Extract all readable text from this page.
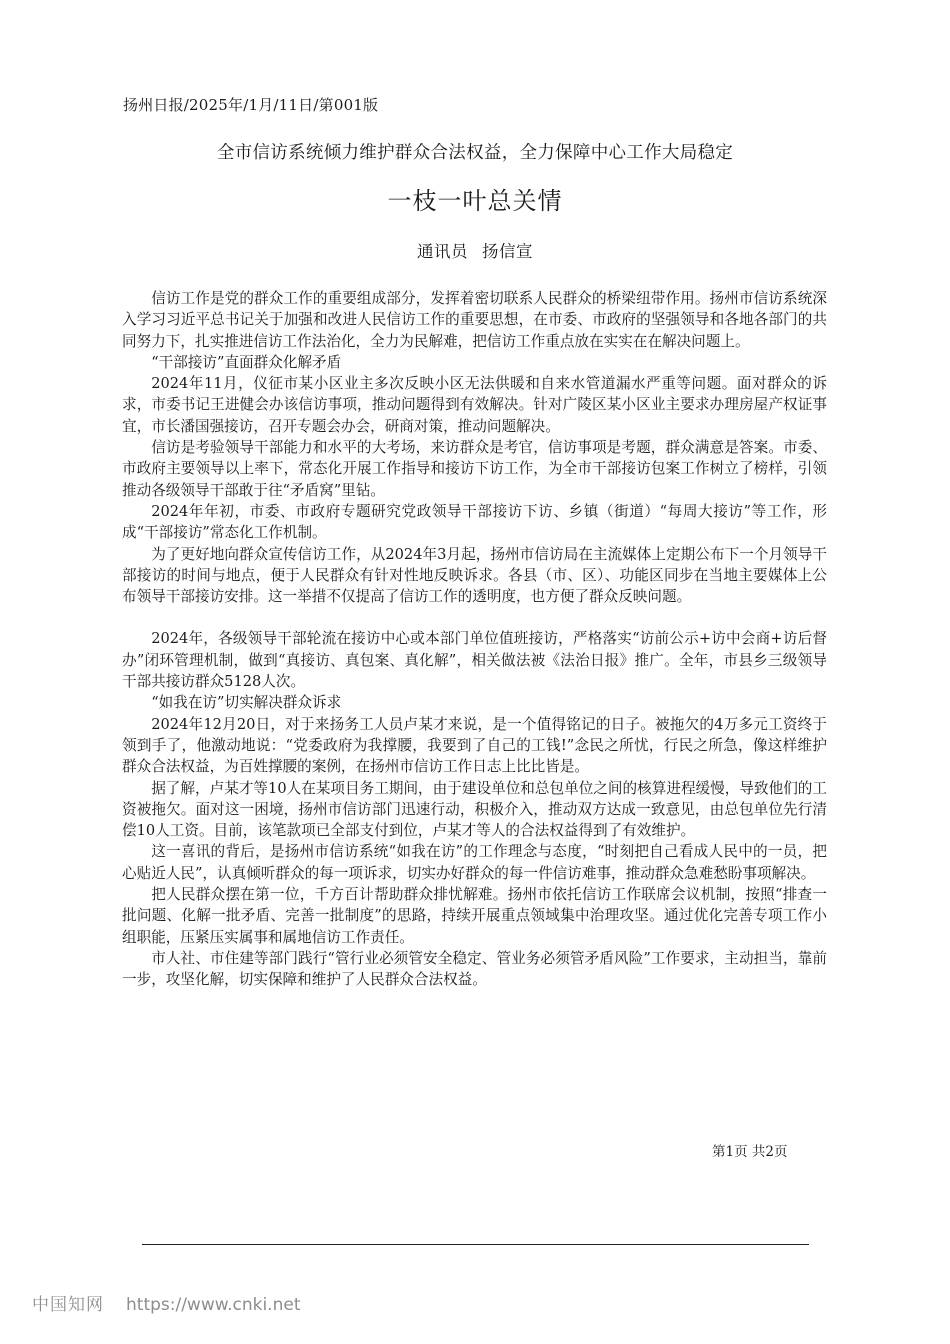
扬州日报/2025年/1月/11日/第001版
全市信访系统倾力维护群众合法权益，全力保障中心工作大局稳定
一枝一叶总关情
通讯员 扬信宣

信访工作是党的群众工作的重要组成部分，发挥着密切联系人民群众的桥梁纽带作用。扬州市信访系统深入学习习近平总书记关于加强和改进人民信访工作的重要思想，在市委、市政府的坚强领导和各地各部门的共同努力下，扎实推进信访工作法治化，全力为民解难，把信访工作重点放在实实在在解决问题上。

“干部接访”直面群众化解矛盾

2024年11月，仪征市某小区业主多次反映小区无法供暖和自来水管道漏水严重等问题。面对群众的诉求，市委书记王进健会办该信访事项，推动问题得到有效解决。针对广陵区某小区业主要求办理房屋产权证事宜，市长潘国强接访，召开专题会办会，研商对策，推动问题解决。

信访是考验领导干部能力和水平的大考场，来访群众是考官，信访事项是考题，群众满意是答案。市委、市政府主要领导以上率下，常态化开展工作指导和接访下访工作，为全市干部接访包案工作树立了榜样，引领推动各级领导干部敢于往“矛盾窝”里钻。

2024年年初，市委、市政府专题研究党政领导干部接访下访、乡镇（街道）“每周大接访”等工作，形成“干部接访”常态化工作机制。

为了更好地向群众宣传信访工作，从2024年3月起，扬州市信访局在主流媒体上定期公布下一个月领导干部接访的时间与地点，便于人民群众有针对性地反映诉求。各县（市、区）、功能区同步在当地主要媒体上公布领导干部接访安排。这一举措不仅提高了信访工作的透明度，也方便了群众反映问题。

2024年，各级领导干部轮流在接访中心或本部门单位值班接访，严格落实“访前公示+访中会商+访后督办”闭环管理机制，做到“真接访、真包案、真化解”，相关做法被《法治日报》推广。全年，市县乡三级领导干部共接访群众5128人次。

“如我在访”切实解决群众诉求

2024年12月20日，对于来扬务工人员卢某才来说，是一个值得铭记的日子。被拖欠的4万多元工资终于领到手了，他激动地说：“党委政府为我撑腰，我要到了自己的工钱!”念民之所忧，行民之所急，像这样维护群众合法权益，为百姓撑腰的案例，在扬州市信访工作日志上比比皆是。

据了解，卢某才等10人在某项目务工期间，由于建设单位和总包单位之间的核算进程缓慢，导致他们的工资被拖欠。面对这一困境，扬州市信访部门迅速行动，积极介入，推动双方达成一致意见，由总包单位先行清偿10人工资。目前，该笔款项已全部支付到位，卢某才等人的合法权益得到了有效维护。

这一喜讯的背后，是扬州市信访系统“如我在访”的工作理念与态度，“时刻把自己看成人民中的一员，把心贴近人民”，认真倾听群众的每一项诉求，切实办好群众的每一件信访难事，推动群众急难愁盼事项解决。

把人民群众摆在第一位，千方百计帮助群众排忧解难。扬州市依托信访工作联席会议机制，按照“排查一批问题、化解一批矛盾、完善一批制度”的思路，持续开展重点领域集中治理攻坚。通过优化完善专项工作小组职能，压紧压实属事和属地信访工作责任。

市人社、市住建等部门践行“管行业必须管安全稳定、管业务必须管矛盾风险”工作要求，主动担当，靠前一步，攻坚化解，切实保障和维护了人民群众合法权益。

第1页 共2页
中国知网 https://www.cnki.net
